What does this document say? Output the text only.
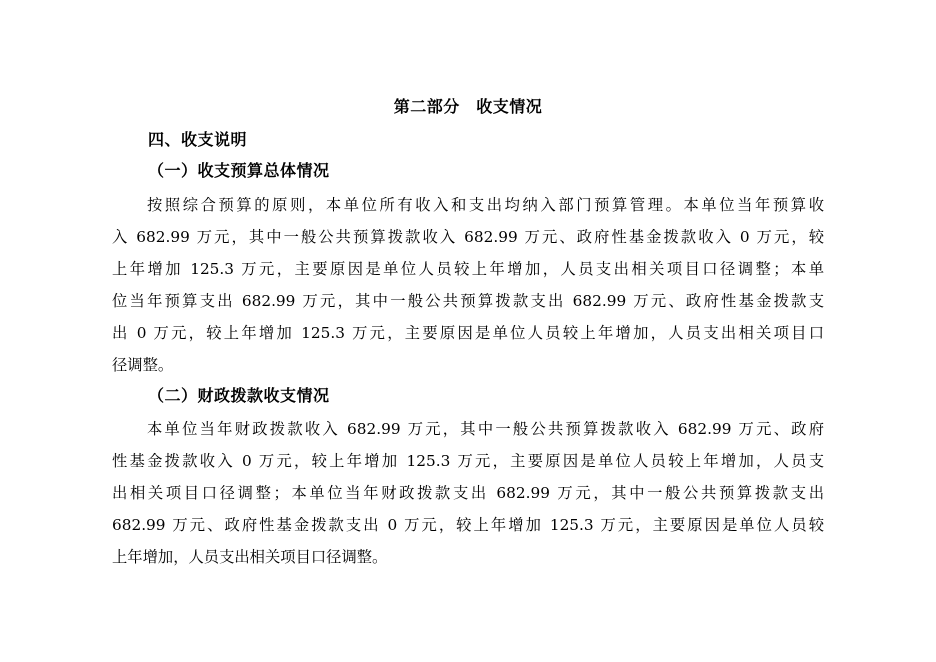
第二部分　收支情况
四、收支说明
（一）收支预算总体情况
按照综合预算的原则，本单位所有收入和支出均纳入部门预算管理。本单位当年预算收
入 682.99 万元，其中一般公共预算拨款收入 682.99 万元、政府性基金拨款收入 0 万元，较
上年增加 125.3 万元，主要原因是单位人员较上年增加，人员支出相关项目口径调整；本单
位当年预算支出 682.99 万元，其中一般公共预算拨款支出 682.99 万元、政府性基金拨款支
出 0 万元，较上年增加 125.3 万元，主要原因是单位人员较上年增加，人员支出相关项目口
径调整。
（二）财政拨款收支情况
本单位当年财政拨款收入 682.99 万元，其中一般公共预算拨款收入 682.99 万元、政府
性基金拨款收入 0 万元，较上年增加 125.3 万元，主要原因是单位人员较上年增加，人员支
出相关项目口径调整；本单位当年财政拨款支出 682.99 万元，其中一般公共预算拨款支出
682.99 万元、政府性基金拨款支出 0 万元，较上年增加 125.3 万元，主要原因是单位人员较
上年增加，人员支出相关项目口径调整。
